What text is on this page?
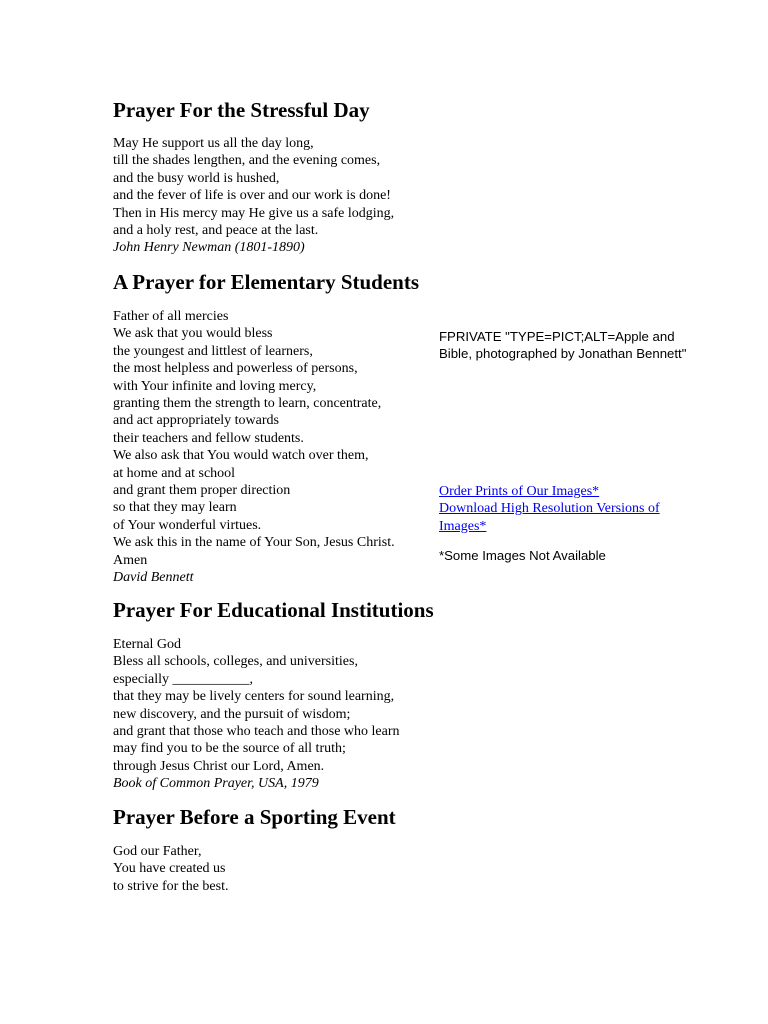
Prayer For the Stressful Day
May He support us all the day long,
till the shades lengthen, and the evening comes,
and the busy world is hushed,
and the fever of life is over and our work is done!
Then in His mercy may He give us a safe lodging,
and a holy rest, and peace at the last.
John Henry Newman (1801-1890)
A Prayer for Elementary Students
Father of all mercies
We ask that you would bless
the youngest and littlest of learners,
the most helpless and powerless of persons,
with Your infinite and loving mercy,
granting them the strength to learn, concentrate,
and act appropriately towards
their teachers and fellow students.
We also ask that You would watch over them,
at home and at school
and grant them proper direction
so that they may learn
of Your wonderful virtues.
We ask this in the name of Your Son, Jesus Christ.
Amen
David Bennett

FPRIVATE "TYPE=PICT;ALT=Apple and Bible, photographed by Jonathan Bennett"

Order Prints of Our Images*
Download High Resolution Versions of Images*

*Some Images Not Available

Prayer For Educational Institutions
Eternal God
Bless all schools, colleges, and universities,
especially ___________,
that they may be lively centers for sound learning,
new discovery, and the pursuit of wisdom;
and grant that those who teach and those who learn
may find you to be the source of all truth;
through Jesus Christ our Lord, Amen.
Book of Common Prayer, USA, 1979
Prayer Before a Sporting Event
God our Father,
You have created us
to strive for the best.
